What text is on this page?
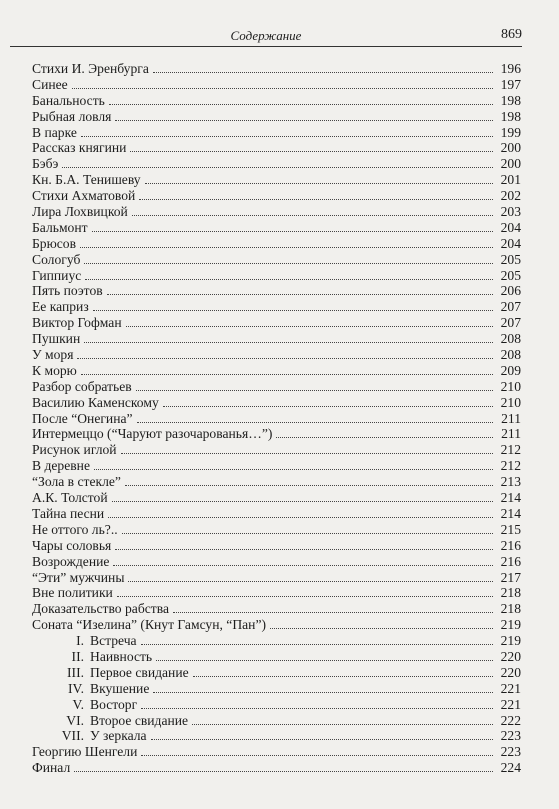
Содержание	869
Стихи И. Эренбурга	196
Синее	197
Банальность	198
Рыбная ловля	198
В парке	199
Рассказ княгини	200
Бэбэ	200
Кн. Б.А. Тенишеву	201
Стихи Ахматовой	202
Лира Лохвицкой	203
Бальмонт	204
Брюсов	204
Сологуб	205
Гиппиус	205
Пять поэтов	206
Ее каприз	207
Виктор Гофман	207
Пушкин	208
У моря	208
К морю	209
Разбор собратьев	210
Василию Каменскому	210
После “Онегина”	211
Интермеццо (“Чаруют разочарованья…”)	211
Рисунок иглой	212
В деревне	212
“Зола в стекле”	213
А.К. Толстой	214
Тайна песни	214
Не оттого ль?..	215
Чары соловья	216
Возрождение	216
“Эти” мужчины	217
Вне политики	218
Доказательство рабства	218
Соната “Изелина” (Кнут Гамсун, “Пан”)	219
I. Встреча	219
II. Наивность	220
III. Первое свидание	220
IV. Вкушение	221
V. Восторг	221
VI. Второе свидание	222
VII. У зеркала	223
Георгию Шенгели	223
Финал	224
